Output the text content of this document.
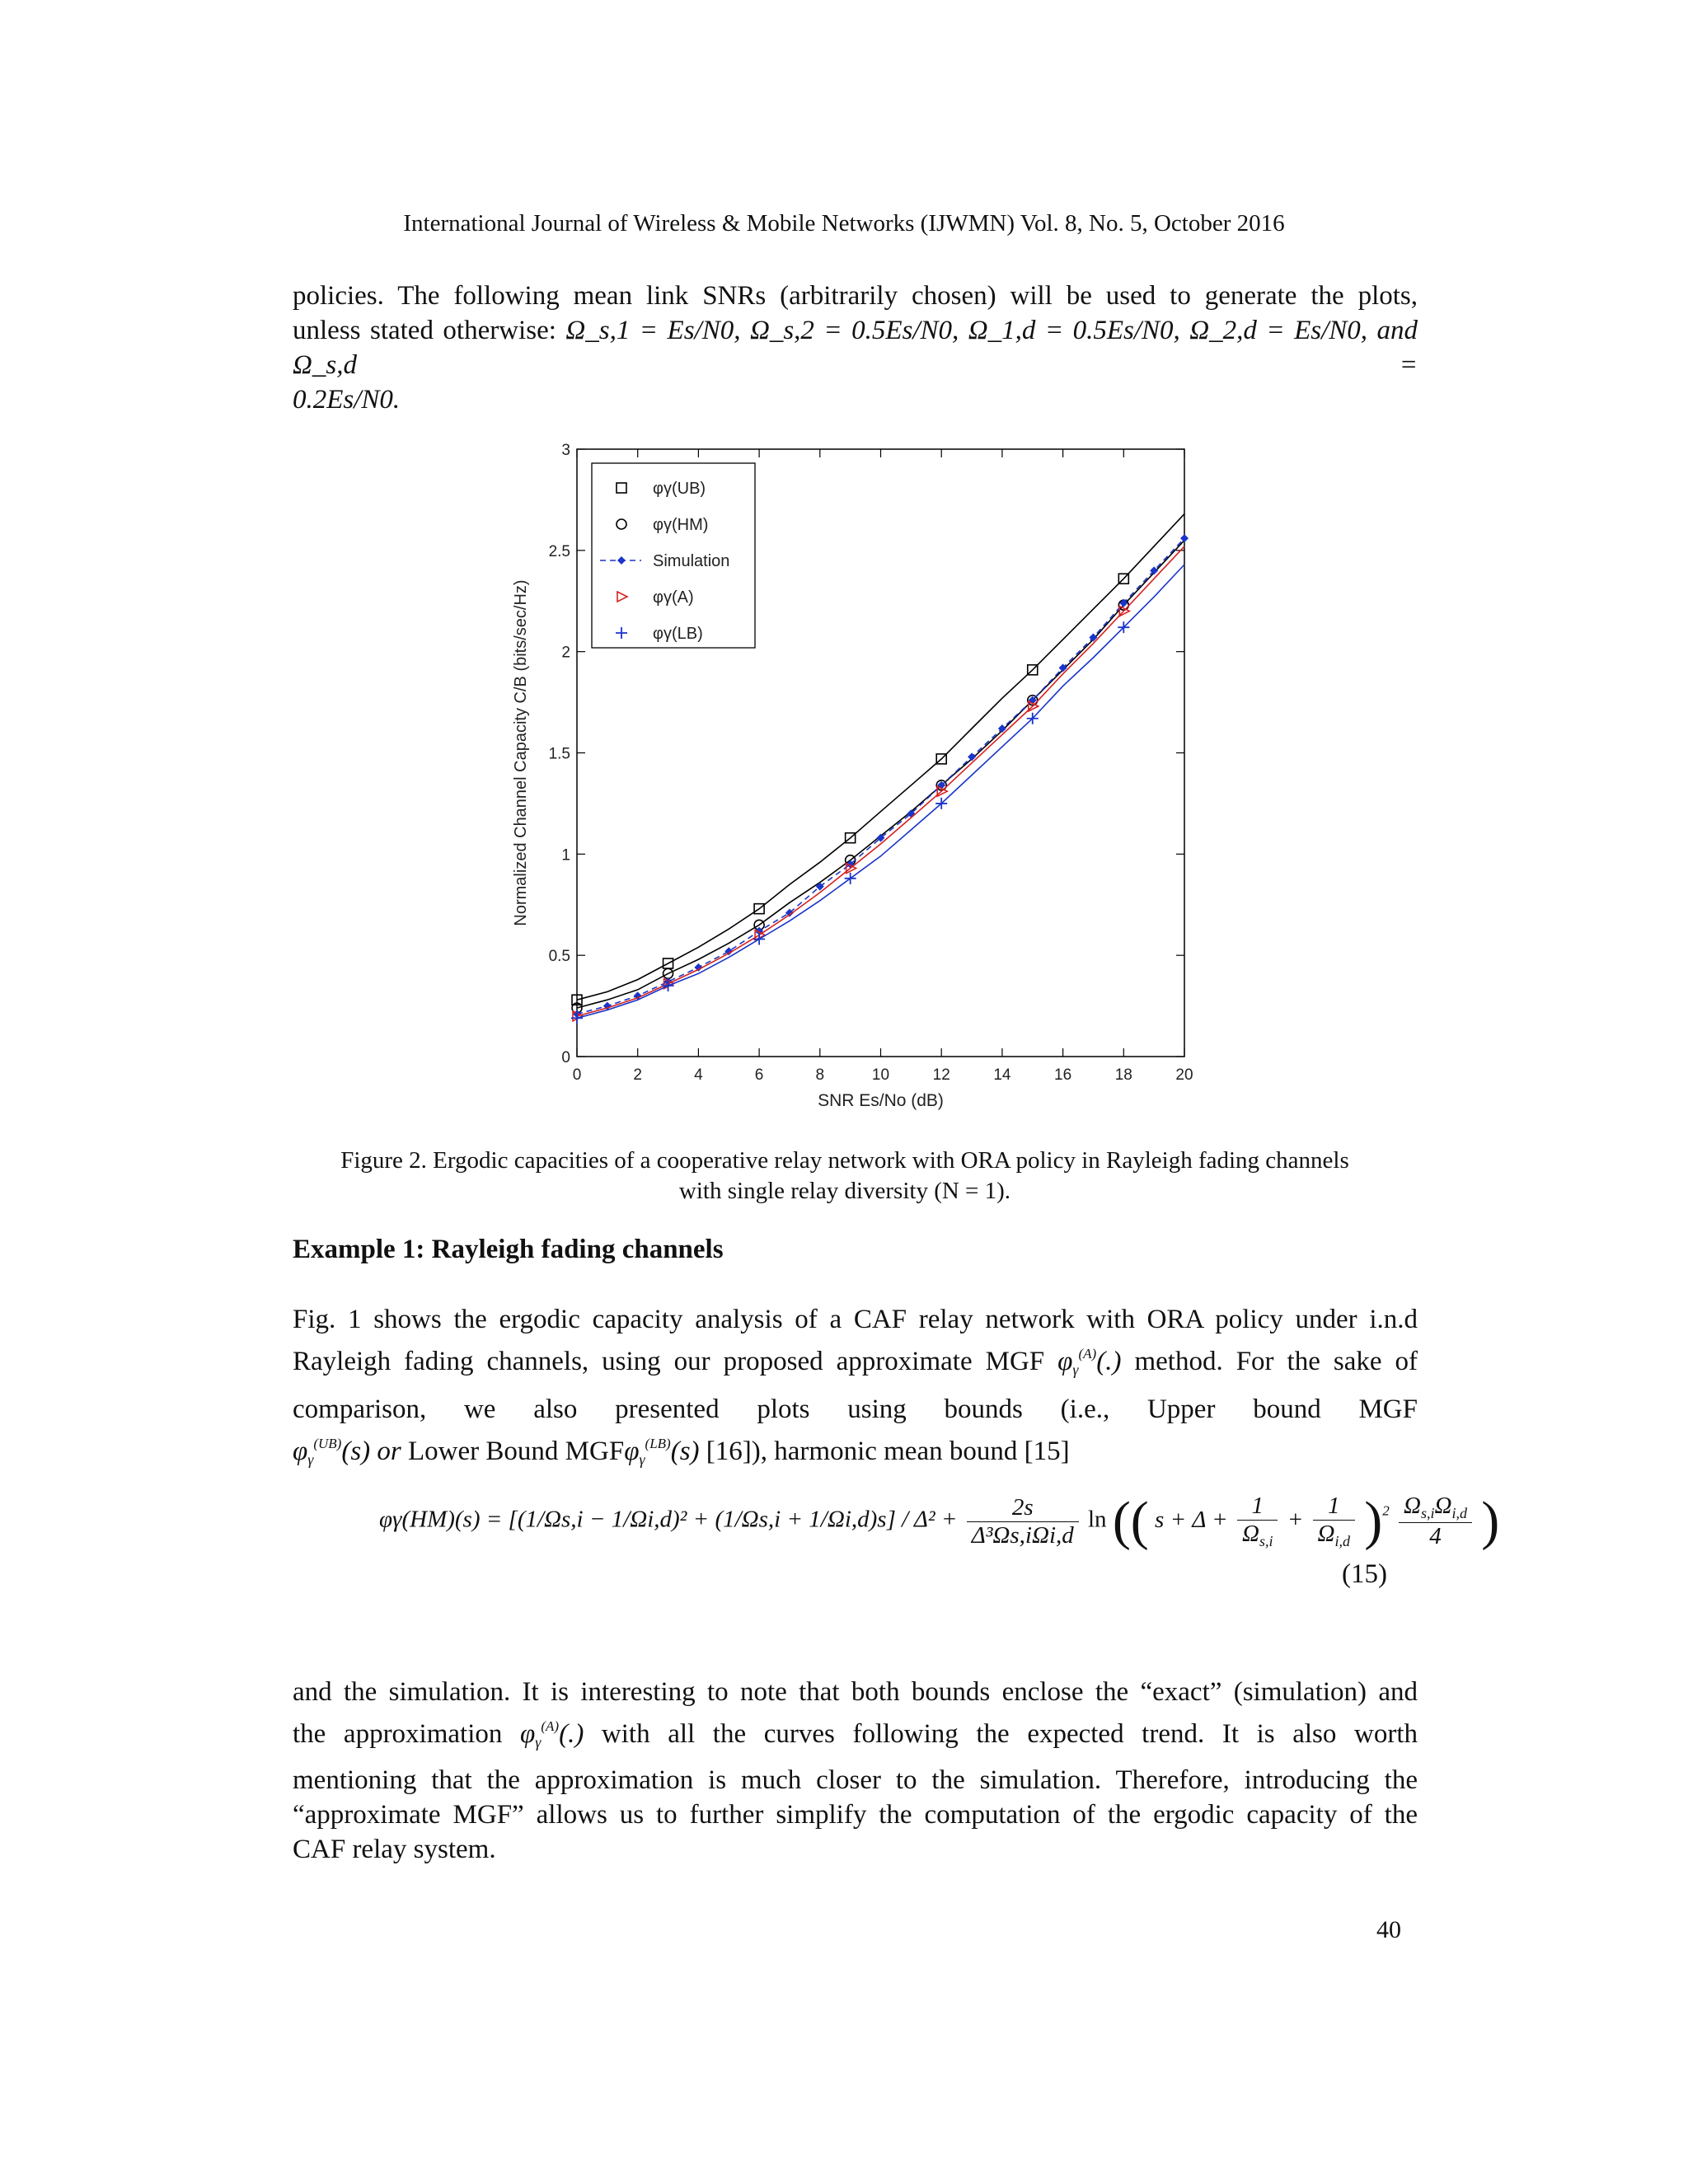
International Journal of Wireless & Mobile Networks (IJWMN) Vol. 8, No. 5, October 2016
policies. The following mean link SNRs (arbitrarily chosen) will be used to generate the plots,
unless stated otherwise: Ω_s,1 = Es/N0, Ω_s,2 = 0.5Es/N0, Ω_1,d = 0.5Es/N0, Ω_2,d = Es/N0, and Ω_s,d =
0.2Es/N0.
0	2	4	6	8	10	12	14	16	18	20
0
0.5
1
1.5
2
2.5
3
SNR Es/No (dB)
Normalized Channel Capacity C/B (bits/sec/Hz)
φγ(UB)
φγ(HM)
Simulation
φγ(A)
φγ(LB)
Figure 2. Ergodic capacities of a cooperative relay network with ORA policy in Rayleigh fading channels
with single relay diversity (N = 1).
Example 1: Rayleigh fading channels
Fig. 1 shows the ergodic capacity analysis of a CAF relay network with ORA policy under i.n.d
Rayleigh fading channels, using our proposed approximate MGF $\varphi_\gamma^{(A)}(.)$ method. For the sake of
comparison, we also presented plots using bounds (i.e., Upper bound MGF
$\varphi_\gamma^{(UB)}(s)$ or Lower Bound MGFφ$_\gamma^{(LB)}$(s) [16]), harmonic mean bound [15]
$\varphi\gamma(HM)(s) = [(1/\Omega s,i - 1/\Omega i,d)^2 + (1/\Omega s,i + 1/\Omega i,d)s] / \Delta^2 + \frac{2s}{\text{Δ³Ωs,iΩi,d}}$ ln (( $s + \Delta + \frac{1}{\Omega_{s,i}} + \frac{1}{\Omega_{i,d}} )^2 \frac{\Omega_{s,i}\Omega_{i,d}}{4}$ )
(15)
and the simulation. It is interesting to note that both bounds enclose the “exact” (simulation) and
the approximation $\varphi_\gamma^{(A)}(.)$ with all the curves following the expected trend. It is also worth
mentioning that the approximation is much closer to the simulation. Therefore, introducing the
“approximate MGF” allows us to further simplify the computation of the ergodic capacity of the
CAF relay system.
40
